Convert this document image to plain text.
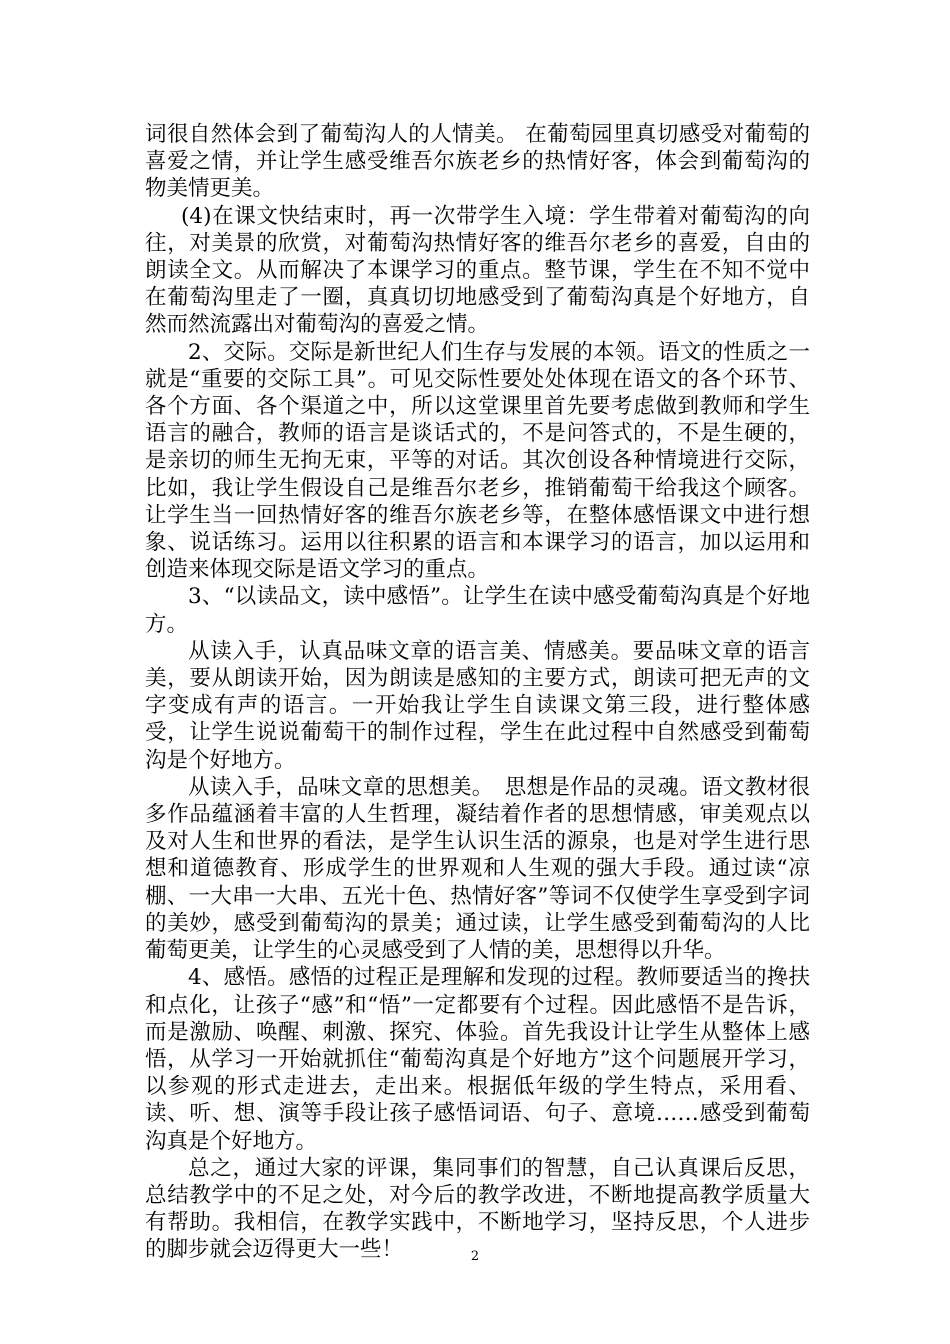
词很自然体会到了葡萄沟人的人情美。 在葡萄园里真切感受对葡萄的喜爱之情，并让学生感受维吾尔族老乡的热情好客，体会到葡萄沟的物美情更美。

(4)在课文快结束时，再一次带学生入境：学生带着对葡萄沟的向往，对美景的欣赏，对葡萄沟热情好客的维吾尔老乡的喜爱，自由的朗读全文。从而解决了本课学习的重点。整节课，学生在不知不觉中在葡萄沟里走了一圈，真真切切地感受到了葡萄沟真是个好地方，自然而然流露出对葡萄沟的喜爱之情。

2、交际。交际是新世纪人们生存与发展的本领。语文的性质之一就是“重要的交际工具”。可见交际性要处处体现在语文的各个环节、各个方面、各个渠道之中，所以这堂课里首先要考虑做到教师和学生语言的融合，教师的语言是谈话式的，不是问答式的，不是生硬的，是亲切的师生无拘无束，平等的对话。其次创设各种情境进行交际，比如，我让学生假设自己是维吾尔老乡，推销葡萄干给我这个顾客。让学生当一回热情好客的维吾尔族老乡等，在整体感悟课文中进行想象、说话练习。运用以往积累的语言和本课学习的语言，加以运用和创造来体现交际是语文学习的重点。

3、“以读品文，读中感悟”。让学生在读中感受葡萄沟真是个好地方。

从读入手，认真品味文章的语言美、情感美。要品味文章的语言美，要从朗读开始，因为朗读是感知的主要方式，朗读可把无声的文字变成有声的语言。一开始我让学生自读课文第三段，进行整体感受，让学生说说葡萄干的制作过程，学生在此过程中自然感受到葡萄沟是个好地方。

从读入手，品味文章的思想美。　思想是作品的灵魂。语文教材很多作品蕴涵着丰富的人生哲理，凝结着作者的思想情感，审美观点以及对人生和世界的看法，是学生认识生活的源泉，也是对学生进行思想和道德教育、形成学生的世界观和人生观的强大手段。通过读“凉棚、一大串一大串、五光十色、热情好客”等词不仅使学生享受到字词的美妙，感受到葡萄沟的景美；通过读，让学生感受到葡萄沟的人比葡萄更美，让学生的心灵感受到了人情的美，思想得以升华。

4、感悟。感悟的过程正是理解和发现的过程。教师要适当的搀扶和点化，让孩子“感”和“悟”一定都要有个过程。因此感悟不是告诉，而是激励、唤醒、刺激、探究、体验。首先我设计让学生从整体上感悟，从学习一开始就抓住“葡萄沟真是个好地方”这个问题展开学习，以参观的形式走进去，走出来。根据低年级的学生特点，采用看、读、听、想、演等手段让孩子感悟词语、句子、意境……感受到葡萄沟真是个好地方。

总之，通过大家的评课，集同事们的智慧，自己认真课后反思，总结教学中的不足之处，对今后的教学改进，不断地提高教学质量大有帮助。我相信，在教学实践中，不断地学习，坚持反思，个人进步的脚步就会迈得更大一些！	2
